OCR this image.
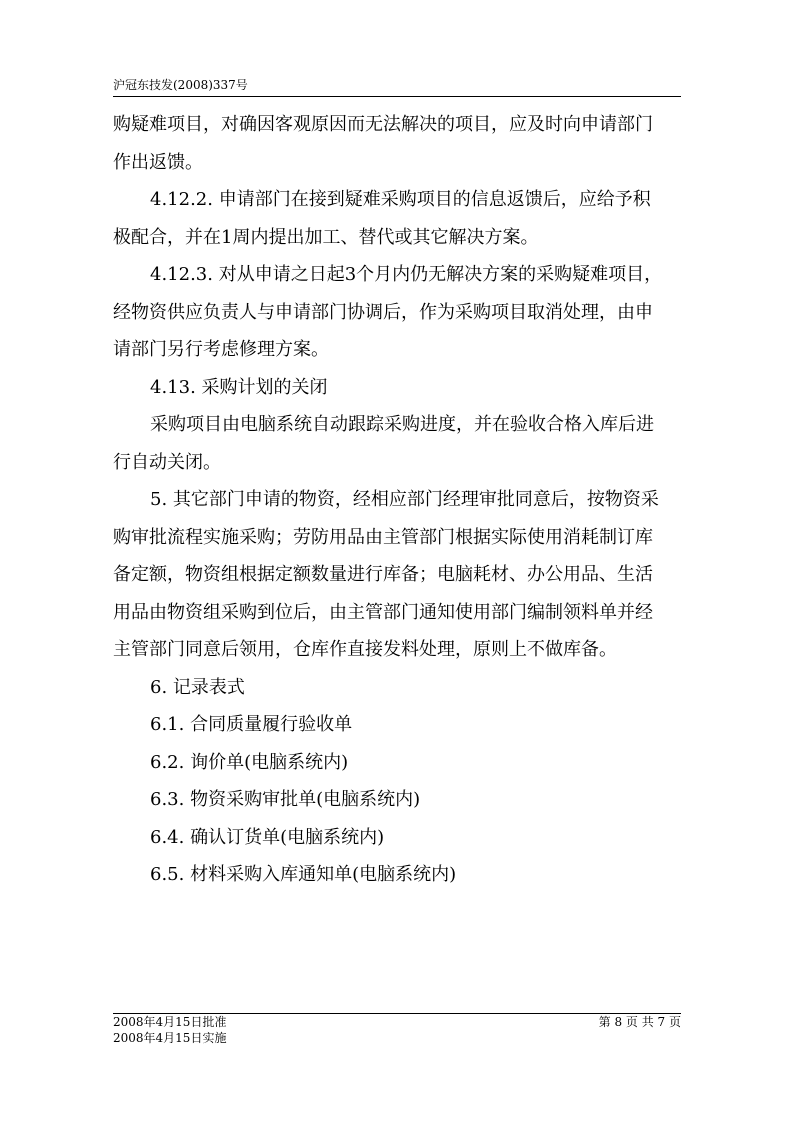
沪冠东技发(2008)337号
购疑难项目，对确因客观原因而无法解决的项目，应及时向申请部门
作出返馈。
4.12.2. 申请部门在接到疑难采购项目的信息返馈后，应给予积
极配合，并在1周内提出加工、替代或其它解决方案。
4.12.3. 对从申请之日起3个月内仍无解决方案的采购疑难项目，
经物资供应负责人与申请部门协调后，作为采购项目取消处理，由申
请部门另行考虑修理方案。
4.13. 采购计划的关闭
采购项目由电脑系统自动跟踪采购进度，并在验收合格入库后进
行自动关闭。
5. 其它部门申请的物资，经相应部门经理审批同意后，按物资采
购审批流程实施采购；劳防用品由主管部门根据实际使用消耗制订库
备定额，物资组根据定额数量进行库备；电脑耗材、办公用品、生活
用品由物资组采购到位后，由主管部门通知使用部门编制领料单并经
主管部门同意后领用，仓库作直接发料处理，原则上不做库备。
6. 记录表式
6.1. 合同质量履行验收单
6.2. 询价单(电脑系统内)
6.3. 物资采购审批单(电脑系统内)
6.4. 确认订货单(电脑系统内)
6.5. 材料采购入库通知单(电脑系统内)
2008年4月15日批准	第 8 页 共 7 页
2008年4月15日实施
